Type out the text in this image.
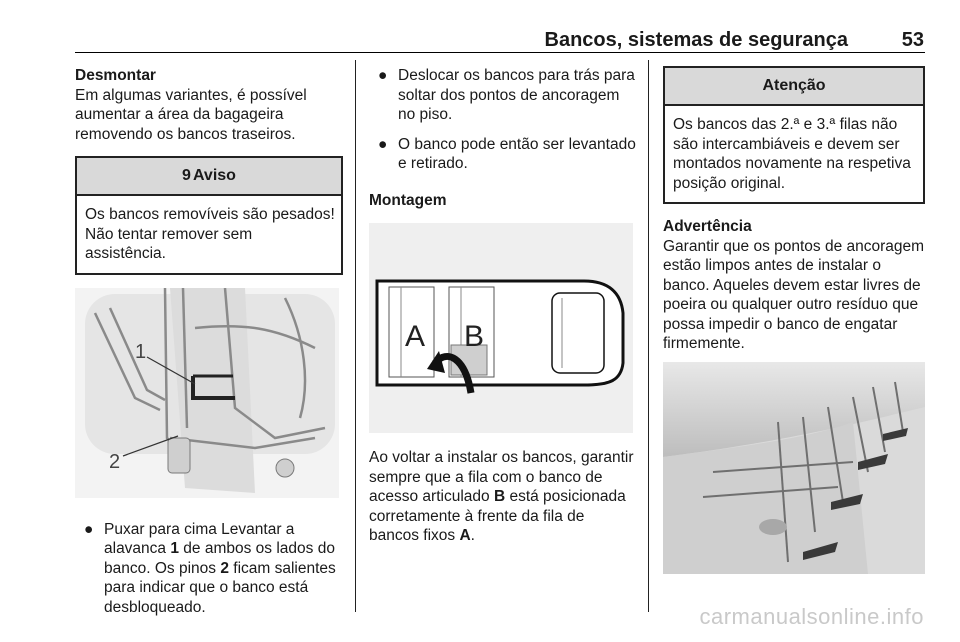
Bancos, sistemas de segurança	53

Desmontar

Em algumas variantes, é possível aumentar a área da bagageira removendo os bancos traseiros.

9 Aviso
Os bancos removíveis são pesados! Não tentar remover sem assistência.
1
2
● Puxar para cima Levantar a alavanca 1 de ambos os lados do banco. Os pinos 2 ficam salientes para indicar que o banco está desbloqueado.
● Deslocar os bancos para trás para soltar dos pontos de ancoragem no piso.
● O banco pode então ser levantado e retirado.

Montagem

A B

Ao voltar a instalar os bancos, garantir sempre que a fila com o banco de acesso articulado B está posicionada corretamente à frente da fila de bancos fixos A.

Atenção
Os bancos das 2.ª e 3.ª filas não são intercambiáveis e devem ser montados novamente na respetiva posição original.

Advertência

Garantir que os pontos de ancoragem estão limpos antes de instalar o banco. Aqueles devem estar livres de poeira ou qualquer outro resíduo que possa impedir o banco de engatar firmemente.

carmanualsonline.info
